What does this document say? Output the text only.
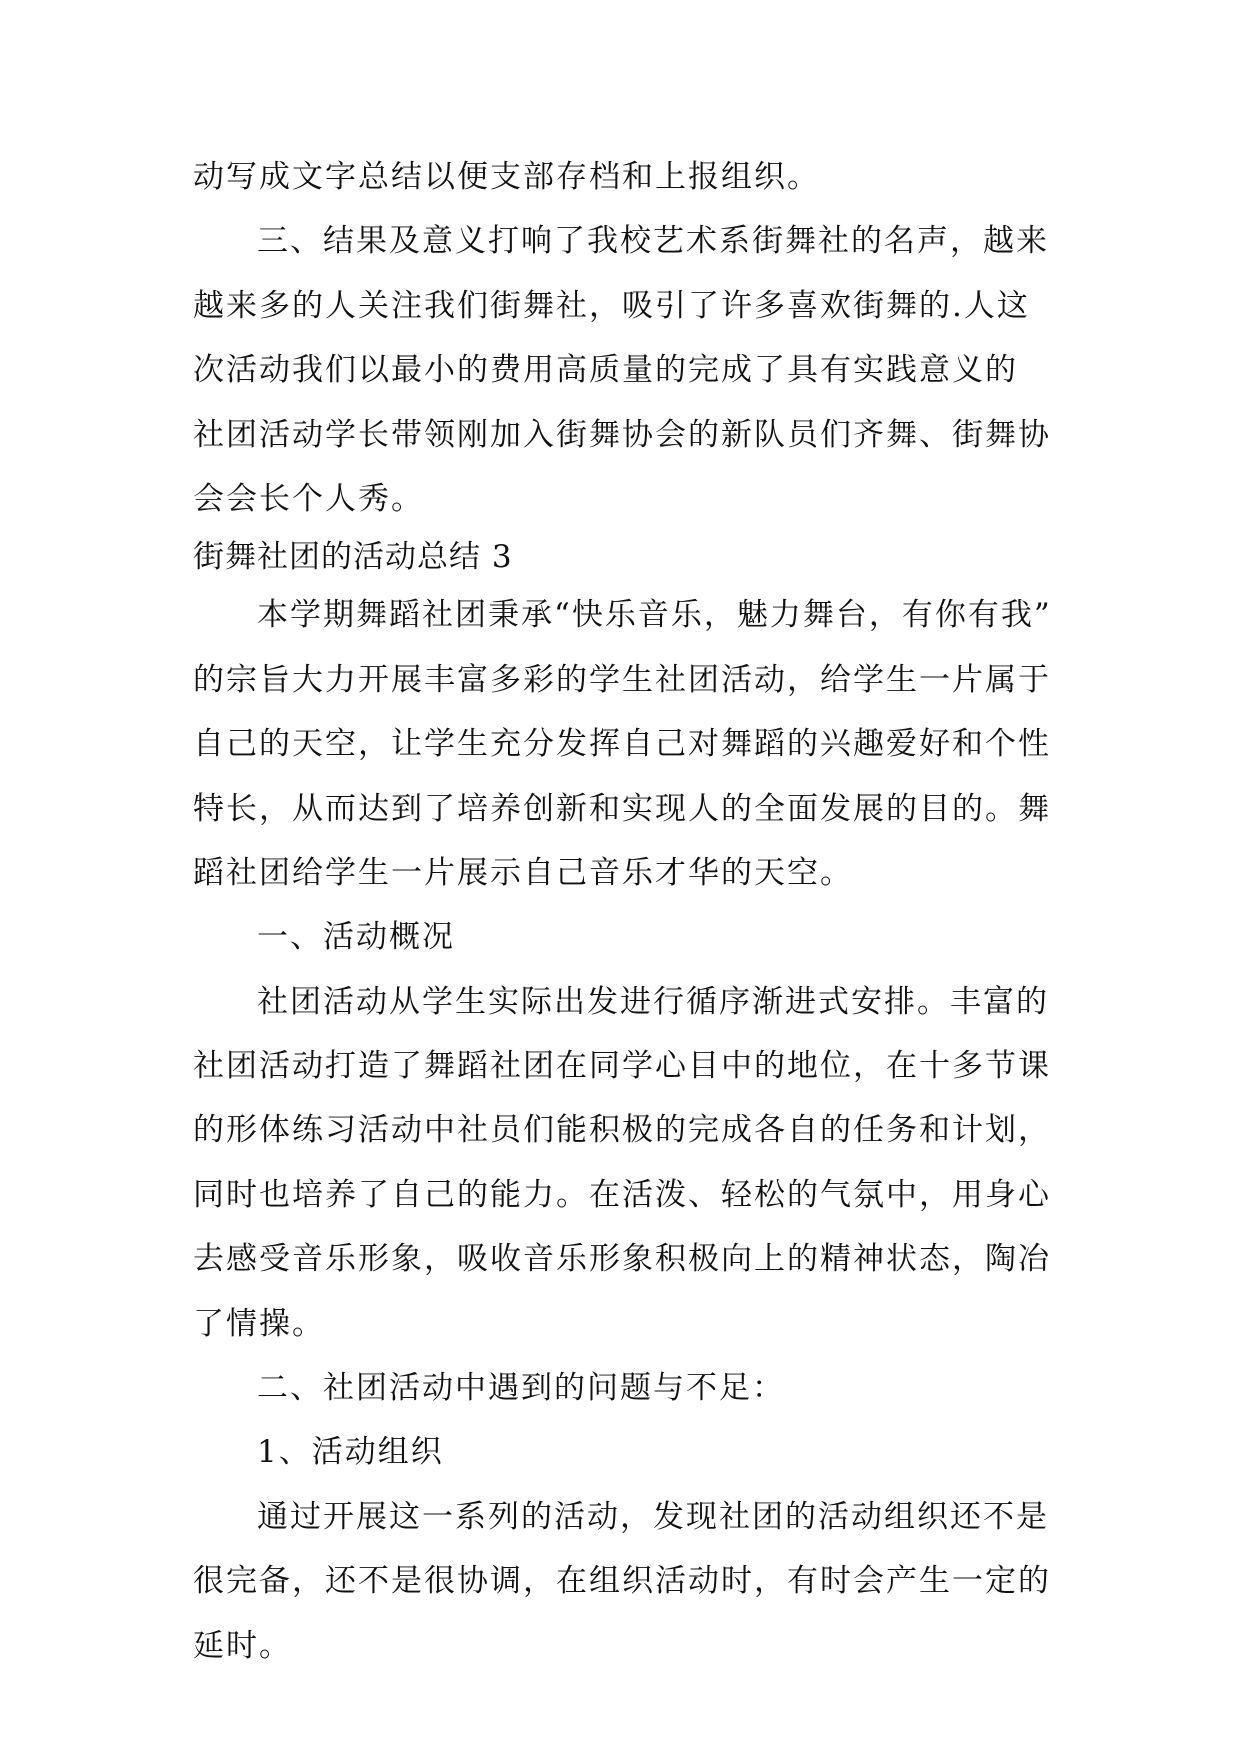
动写成文字总结以便支部存档和上报组织。
三、结果及意义打响了我校艺术系街舞社的名声，越来
越来多的人关注我们街舞社，吸引了许多喜欢街舞的.人这
次活动我们以最小的费用高质量的完成了具有实践意义的
社团活动学长带领刚加入街舞协会的新队员们齐舞、街舞协
会会长个人秀。
街舞社团的活动总结 3
本学期舞蹈社团秉承“快乐音乐，魅力舞台，有你有我”
的宗旨大力开展丰富多彩的学生社团活动，给学生一片属于
自己的天空，让学生充分发挥自己对舞蹈的兴趣爱好和个性
特长，从而达到了培养创新和实现人的全面发展的目的。舞
蹈社团给学生一片展示自己音乐才华的天空。
一、活动概况
社团活动从学生实际出发进行循序渐进式安排。丰富的
社团活动打造了舞蹈社团在同学心目中的地位，在十多节课
的形体练习活动中社员们能积极的完成各自的任务和计划，
同时也培养了自己的能力。在活泼、轻松的气氛中，用身心
去感受音乐形象，吸收音乐形象积极向上的精神状态，陶冶
了情操。
二、社团活动中遇到的问题与不足：
1、活动组织
通过开展这一系列的活动，发现社团的活动组织还不是
很完备，还不是很协调，在组织活动时，有时会产生一定的
延时。
